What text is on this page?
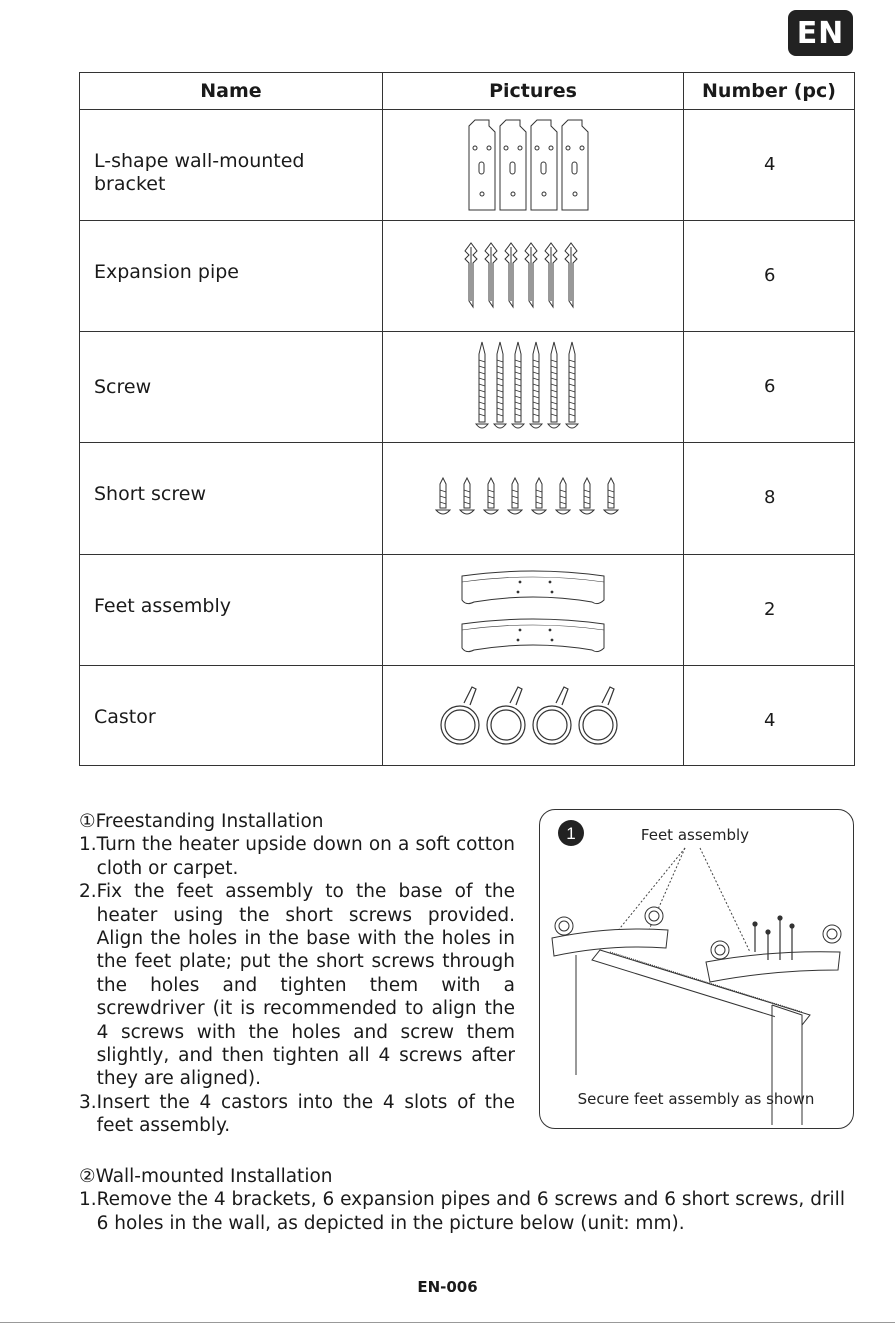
EN
Name	Pictures	Number (pc)
L-shape wall-mounted bracket		4
Expansion pipe		6
Screw		6
Short screw		8
Feet assembly		2
Castor		4

①Freestanding Installation

1. Turn the heater upside down on a soft cotton cloth or carpet.
2. Fix the feet assembly to the base of the heater using the short screws provided. Align the holes in the base with the holes in the feet plate; put the short screws through the holes and tighten them with a screwdriver (it is recommended to align the 4 screws with the holes and screw them slightly, and then tighten all 4 screws after they are aligned).
3. Insert the 4 castors into the 4 slots of the feet assembly.
1	Feet assembly
Secure feet assembly as shown

②Wall-mounted Installation

1. Remove the 4 brackets, 6 expansion pipes and 6 screws and 6 short screws, drill 6 holes in the wall, as depicted in the picture below (unit: mm).
EN-006
